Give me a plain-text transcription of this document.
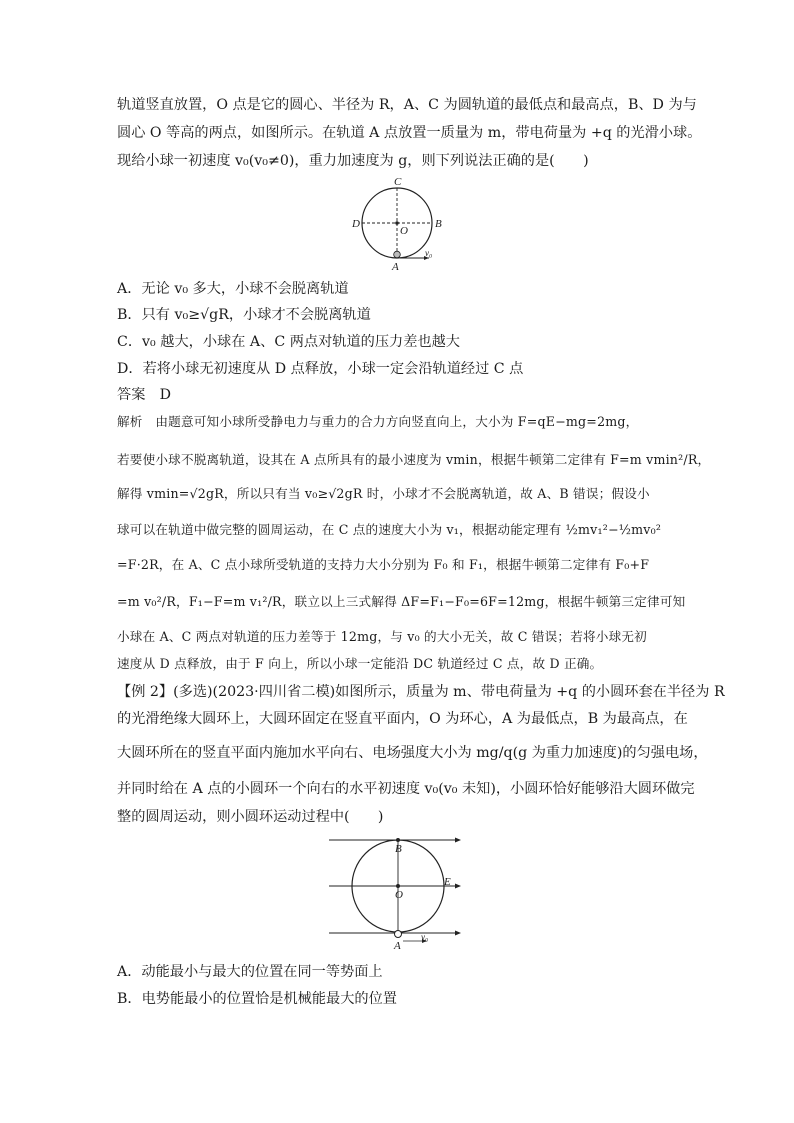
轨道竖直放置，O 点是它的圆心、半径为 R，A、C 为圆轨道的最低点和最高点，B、D 为与
圆心 O 等高的两点，如图所示。在轨道 A 点放置一质量为 m，带电荷量为 +q 的光滑小球。
现给小球一初速度 v₀(v₀≠0)，重力加速度为 g，则下列说法正确的是(　　)
C
D	B
O
A
v₀
A．无论 v₀ 多大，小球不会脱离轨道
B．只有 v₀≥√gR，小球才不会脱离轨道
C．v₀ 越大，小球在 A、C 两点对轨道的压力差也越大
D．若将小球无初速度从 D 点释放，小球一定会沿轨道经过 C 点
答案　D
解析　由题意可知小球所受静电力与重力的合力方向竖直向上，大小为 F=qE−mg=2mg，
若要使小球不脱离轨道，设其在 A 点所具有的最小速度为 vmin，根据牛顿第二定律有 F=m vmin²/R，
解得 vmin=√2gR，所以只有当 v₀≥√2gR 时，小球才不会脱离轨道，故 A、B 错误；假设小
球可以在轨道中做完整的圆周运动，在 C 点的速度大小为 v₁，根据动能定理有 ½mv₁²−½mv₀²
=F·2R，在 A、C 点小球所受轨道的支持力大小分别为 F₀ 和 F₁，根据牛顿第二定律有 F₀+F
=m v₀²/R，F₁−F=m v₁²/R，联立以上三式解得 ΔF=F₁−F₀=6F=12mg，根据牛顿第三定律可知
小球在 A、C 两点对轨道的压力差等于 12mg，与 v₀ 的大小无关，故 C 错误；若将小球无初
速度从 D 点释放，由于 F 向上，所以小球一定能沿 DC 轨道经过 C 点，故 D 正确。
【例 2】(多选)(2023·四川省二模)如图所示，质量为 m、带电荷量为 +q 的小圆环套在半径为 R
的光滑绝缘大圆环上，大圆环固定在竖直平面内，O 为环心，A 为最低点，B 为最高点，在
大圆环所在的竖直平面内施加水平向右、电场强度大小为 mg/q(g 为重力加速度)的匀强电场，
并同时给在 A 点的小圆环一个向右的水平初速度 v₀(v₀ 未知)，小圆环恰好能够沿大圆环做完
整的圆周运动，则小圆环运动过程中(　　)
B
O
E
A
v₀
A．动能最小与最大的位置在同一等势面上
B．电势能最小的位置恰是机械能最大的位置
